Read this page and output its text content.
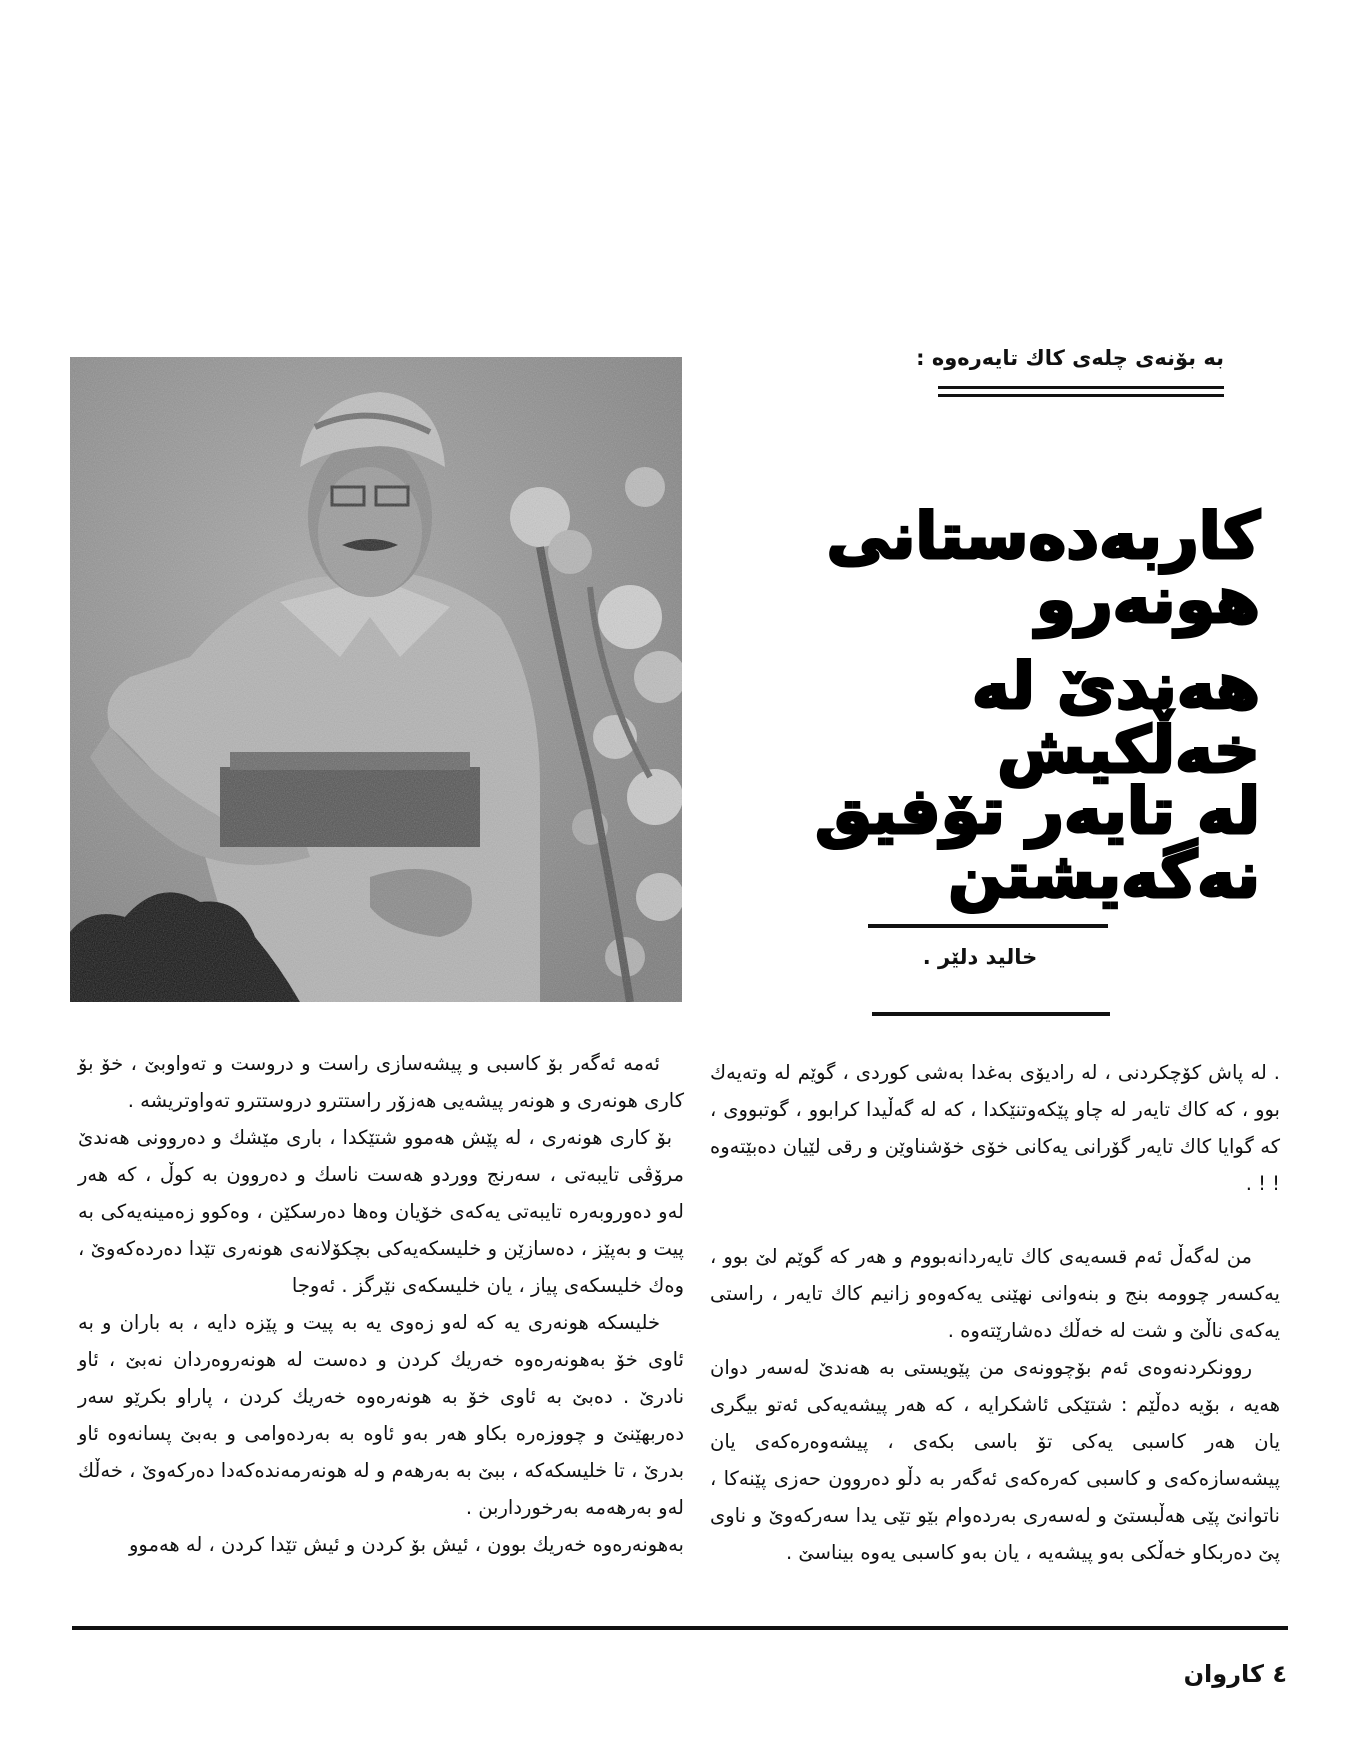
به بۆنەی چلەی کاك تایەرەوە :
کاربەدەستانی هونەرو
هەندێ لە خەڵکیش
لە تایەر تۆفیق نەگەیشتن
خالید دلێر .

. لە پاش کۆچکردنی ، لە رادیۆی بەغدا بەشی کوردی ، گوێم لە وتەیەك بوو ، کە کاك تایەر لە چاو پێکەوتنێکدا ، کە لە گەڵیدا کرابوو ، گوتبووی ، کە گوایا کاك تایەر گۆرانی یەکانی خۆی خۆشناوێن و رقی لێیان دەبێتەوە ! ! .

من لەگەڵ ئەم قسەیەی کاك تایەردانەبووم و هەر کە گوێم لێ بوو ، یەکسەر چوومە بنج و بنەوانی نهێنی یەکەوەو زانیم کاك تایەر ، راستی یەکەی ناڵێ و شت لە خەڵك دەشارێتەوە .

روونکردنەوەی ئەم بۆچوونەی من پێویستی بە هەندێ لەسەر دوان هەیە ، بۆیە دەڵێم : شتێکی ئاشکرایە ، کە هەر پیشەیەکی ئەتو بیگری یان هەر کاسبی یەکی تۆ باسی بکەی ، پیشەوەرەکەی یان پیشەسازەکەی و کاسبی کەرەکەی ئەگەر بە دڵو دەروون حەزی پێنەکا ، ناتوانێ پێی هەڵبستێ و لەسەری بەردەوام بێو تێی یدا سەرکەوێ و ناوی پێ دەربکاو خەڵکی بەو پیشەیە ، یان بەو کاسبی یەوە بیناسێ .

ئەمە ئەگەر بۆ کاسبی و پیشەسازی راست و دروست و تەواوبێ ، خۆ بۆ کاری هونەری و هونەر پیشەیی هەزۆر راستترو دروستترو تەواوتریشە .

بۆ کاری هونەری ، لە پێش هەموو شتێکدا ، باری مێشك و دەروونی هەندێ مرۆڤی تایبەتی ، سەرنج ووردو هەست ناسك و دەروون بە کوڵ ، کە هەر لەو دەوروبەرە تایبەتی یەکەی خۆیان وەها دەرسکێن ، وەکوو زەمینەیەکی بە پیت و بەپێز ، دەسازێن و خلیسکەیەکی بچکۆلانەی هونەری تێدا دەردەکەوێ ، وەك خلیسکەی پیاز ، یان خلیسکەی نێرگز . ئەوجا

خلیسکە هونەری یە کە لەو زەوی یە بە پیت و پێزە دایە ، بە باران و بە ئاوی خۆ بەهونەرەوە خەریك کردن و دەست لە هونەروەردان نەبێ ، ئاو نادرێ . دەبێ بە ئاوی خۆ بە هونەرەوە خەریك کردن ، پاراو بکرێو سەر دەربهێنێ و چووزەرە بکاو هەر بەو ئاوە بە بەردەوامی و بەبێ پسانەوە ئاو بدرێ ، تا خلیسکەکە ، ببێ بە بەرهەم و لە هونەرمەندەکەدا دەرکەوێ ، خەڵك لەو بەرهەمە بەرخورداربن .

بەهونەرەوە خەریك بوون ، ئیش بۆ کردن و ئیش تێدا کردن ، لە هەموو

٤ کاروان
